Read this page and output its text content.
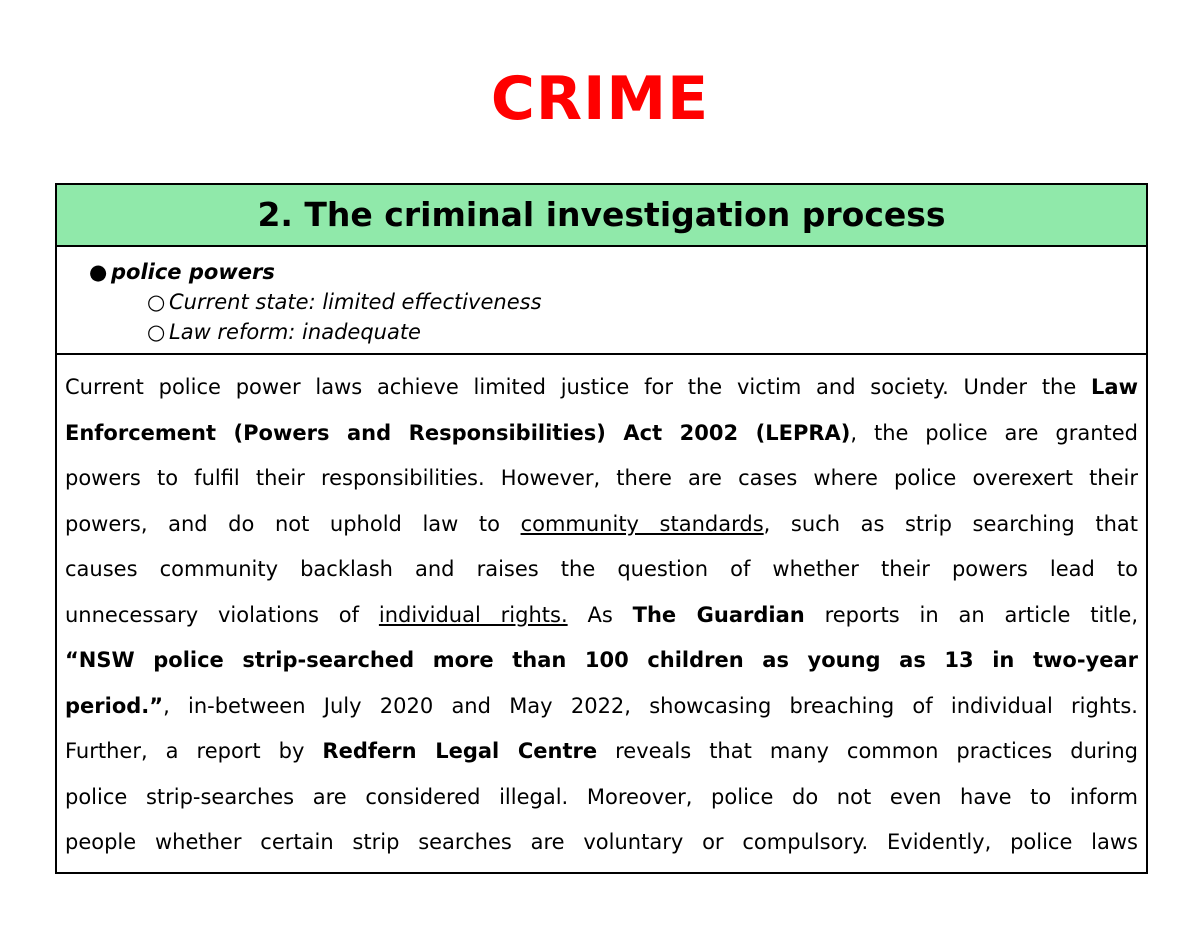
CRIME
2. The criminal investigation process
● police powers
○ Current state: limited effectiveness
○ Law reform: inadequate
Current police power laws achieve limited justice for the victim and society. Under the Law
Enforcement (Powers and Responsibilities) Act 2002 (LEPRA), the police are granted
powers to fulfil their responsibilities. However, there are cases where police overexert their
powers, and do not uphold law to community standards, such as strip searching that
causes community backlash and raises the question of whether their powers lead to
unnecessary violations of individual rights. As The Guardian reports in an article title,
“NSW police strip-searched more than 100 children as young as 13 in two-year
period.”, in-between July 2020 and May 2022, showcasing breaching of individual rights.
Further, a report by Redfern Legal Centre reveals that many common practices during
police strip-searches are considered illegal. Moreover, police do not even have to inform
people whether certain strip searches are voluntary or compulsory. Evidently, police laws
